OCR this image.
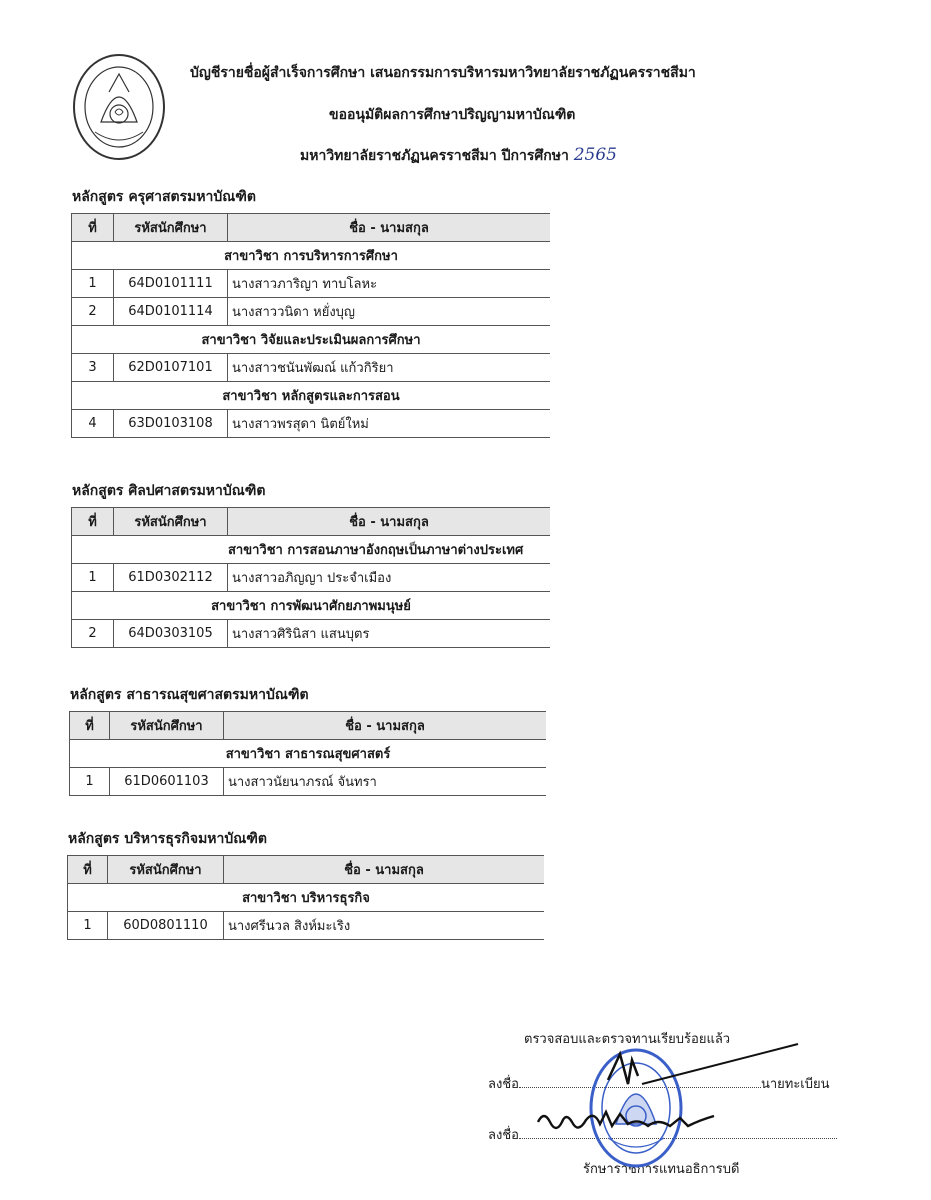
บัญชีรายชื่อผู้สำเร็จการศึกษา เสนอกรรมการบริหารมหาวิทยาลัยราชภัฏนครราชสีมา
ขออนุมัติผลการศึกษาปริญญามหาบัณฑิต
มหาวิทยาลัยราชภัฏนครราชสีมา ปีการศึกษา 2565
หลักสูตร ครุศาสตรมหาบัณฑิต
ที่	รหัสนักศึกษา	ชื่อ - นามสกุล
สาขาวิชา การบริหารการศึกษา		
1	64D0101111	นางสาวภาริญา ทาบโลหะ
2	64D0101114	นางสาววนิดา หยั่งบุญ
สาขาวิชา วิจัยและประเมินผลการศึกษา		
3	62D0107101	นางสาวชนันพัฒณ์ แก้วกิริยา
สาขาวิชา หลักสูตรและการสอน		
4	63D0103108	นางสาวพรสุดา นิตย์ใหม่
หลักสูตร ศิลปศาสตรมหาบัณฑิต
ที่	รหัสนักศึกษา	ชื่อ - นามสกุล
สาขาวิชา การสอนภาษาอังกฤษเป็นภาษาต่างประเทศ		
1	61D0302112	นางสาวอภิญญา ประจำเมือง
สาขาวิชา การพัฒนาศักยภาพมนุษย์		
2	64D0303105	นางสาวศิรินิสา แสนบุตร
หลักสูตร สาธารณสุขศาสตรมหาบัณฑิต
ที่	รหัสนักศึกษา	ชื่อ - นามสกุล
สาขาวิชา สาธารณสุขศาสตร์		
1	61D0601103	นางสาวนัยนาภรณ์ จันทรา
หลักสูตร บริหารธุรกิจมหาบัณฑิต
ที่	รหัสนักศึกษา	ชื่อ - นามสกุล
สาขาวิชา บริหารธุรกิจ		
1	60D0801110	นางศรีนวล สิงห์มะเริง
ตรวจสอบและตรวจทานเรียบร้อยแล้ว
ลงชื่อ	นายทะเบียน
ลงชื่อ
รักษาราชการแทนอธิการบดี
